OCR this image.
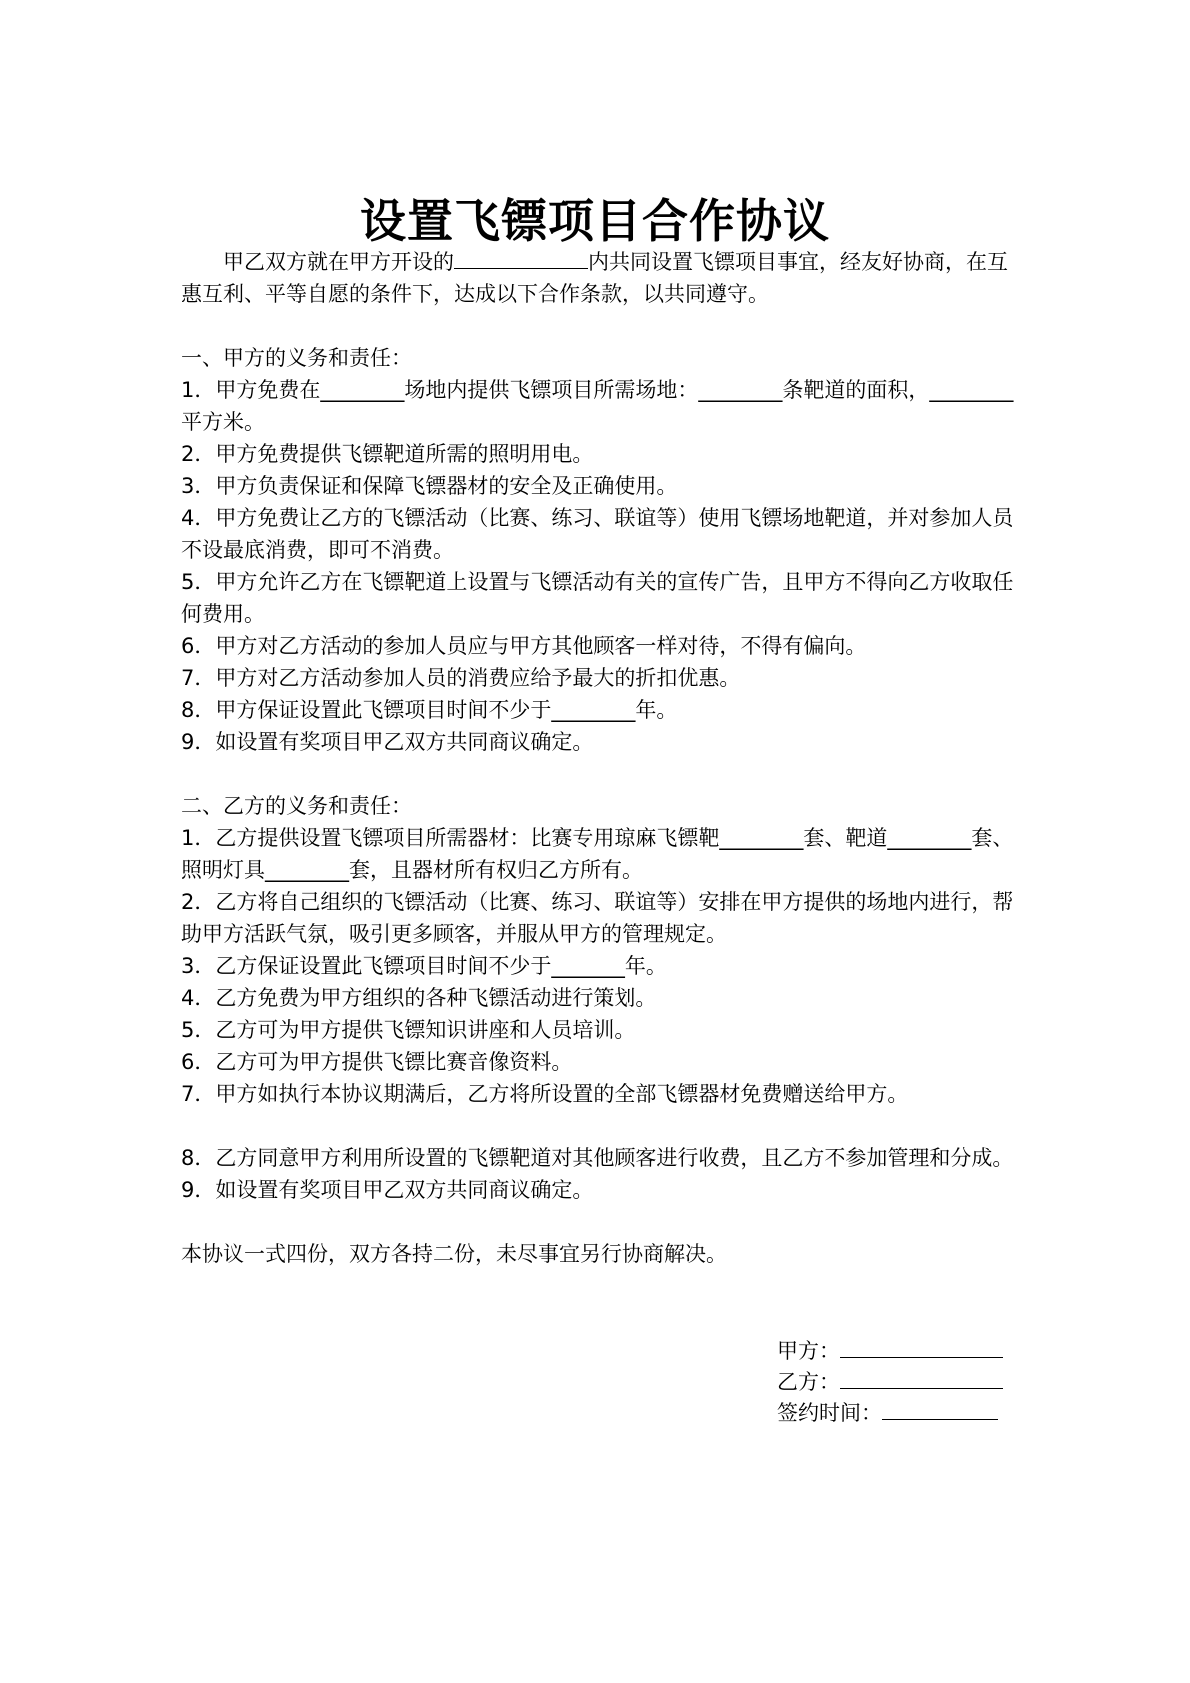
设置飞镖项目合作协议

甲乙双方就在甲方开设的	内共同设置飞镖项目事宜，经友好协商，在互惠互利、平等自愿的条件下，达成以下合作条款，以共同遵守。

一、甲方的义务和责任：

1．甲方免费在________场地内提供飞镖项目所需场地：________条靶道的面积，________平方米。

2．甲方免费提供飞镖靶道所需的照明用电。

3．甲方负责保证和保障飞镖器材的安全及正确使用。

4．甲方免费让乙方的飞镖活动（比赛、练习、联谊等）使用飞镖场地靶道，并对参加人员不设最底消费，即可不消费。

5．甲方允许乙方在飞镖靶道上设置与飞镖活动有关的宣传广告，且甲方不得向乙方收取任何费用。

6．甲方对乙方活动的参加人员应与甲方其他顾客一样对待，不得有偏向。

7．甲方对乙方活动参加人员的消费应给予最大的折扣优惠。

8．甲方保证设置此飞镖项目时间不少于________年。

9．如设置有奖项目甲乙双方共同商议确定。

二、乙方的义务和责任：

1．乙方提供设置飞镖项目所需器材：比赛专用琼麻飞镖靶________套、靶道________套、照明灯具________套，且器材所有权归乙方所有。

2．乙方将自己组织的飞镖活动（比赛、练习、联谊等）安排在甲方提供的场地内进行，帮助甲方活跃气氛，吸引更多顾客，并服从甲方的管理规定。

3．乙方保证设置此飞镖项目时间不少于_______年。

4．乙方免费为甲方组织的各种飞镖活动进行策划。

5．乙方可为甲方提供飞镖知识讲座和人员培训。

6．乙方可为甲方提供飞镖比赛音像资料。

7．甲方如执行本协议期满后，乙方将所设置的全部飞镖器材免费赠送给甲方。

8．乙方同意甲方利用所设置的飞镖靶道对其他顾客进行收费，且乙方不参加管理和分成。

9．如设置有奖项目甲乙双方共同商议确定。

本协议一式四份，双方各持二份，未尽事宜另行协商解决。

甲方：

乙方：

签约时间：
